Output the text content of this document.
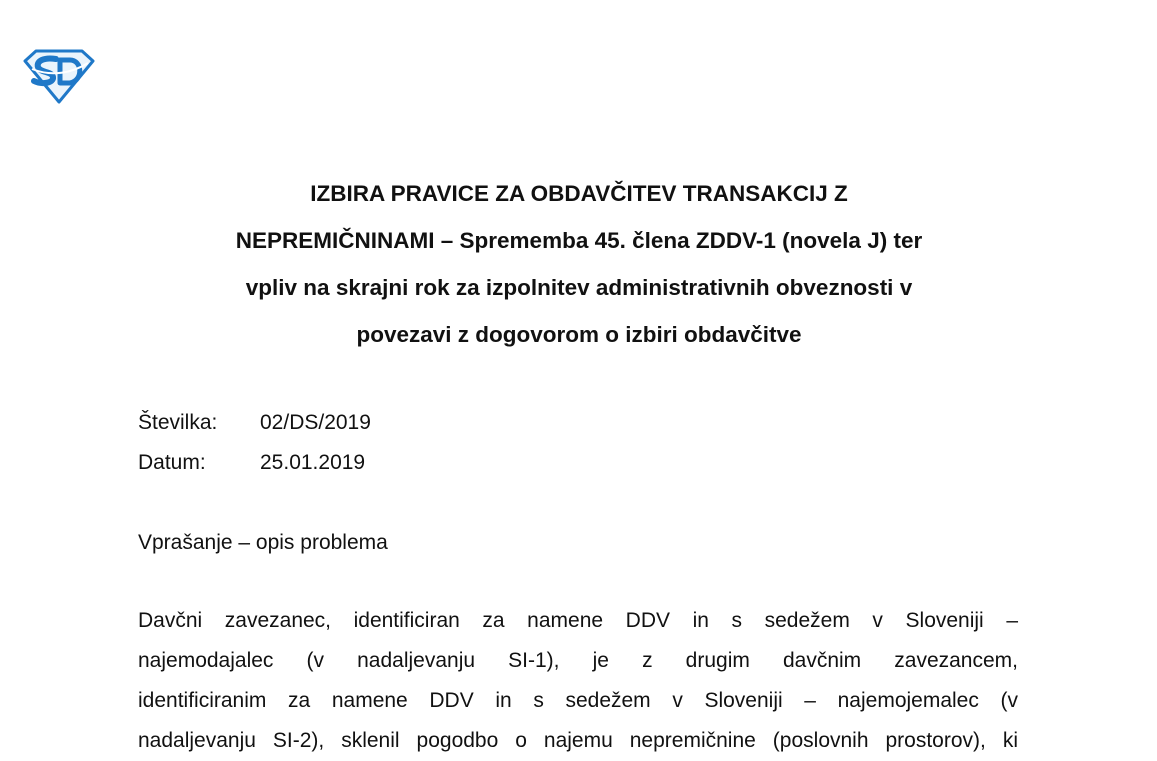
IZBIRA PRAVICE ZA OBDAVČITEV TRANSAKCIJ Z
NEPREMIČNINAMI – Sprememba 45. člena ZDDV-1 (novela J) ter
vpliv na skrajni rok za izpolnitev administrativnih obveznosti v
povezavi z dogovorom o izbiri obdavčitve
Številka: 02/DS/2019
Datum:	25.01.2019
Vprašanje – opis problema

Davčni zavezanec, identificiran za namene DDV in s sedežem v Sloveniji –
najemodajalec (v nadaljevanju SI-1), je z drugim davčnim zavezancem,
identificiranim za namene DDV in s sedežem v Sloveniji – najemojemalec (v
nadaljevanju SI-2), sklenil pogodbo o najemu nepremičnine (poslovnih prostorov), ki
